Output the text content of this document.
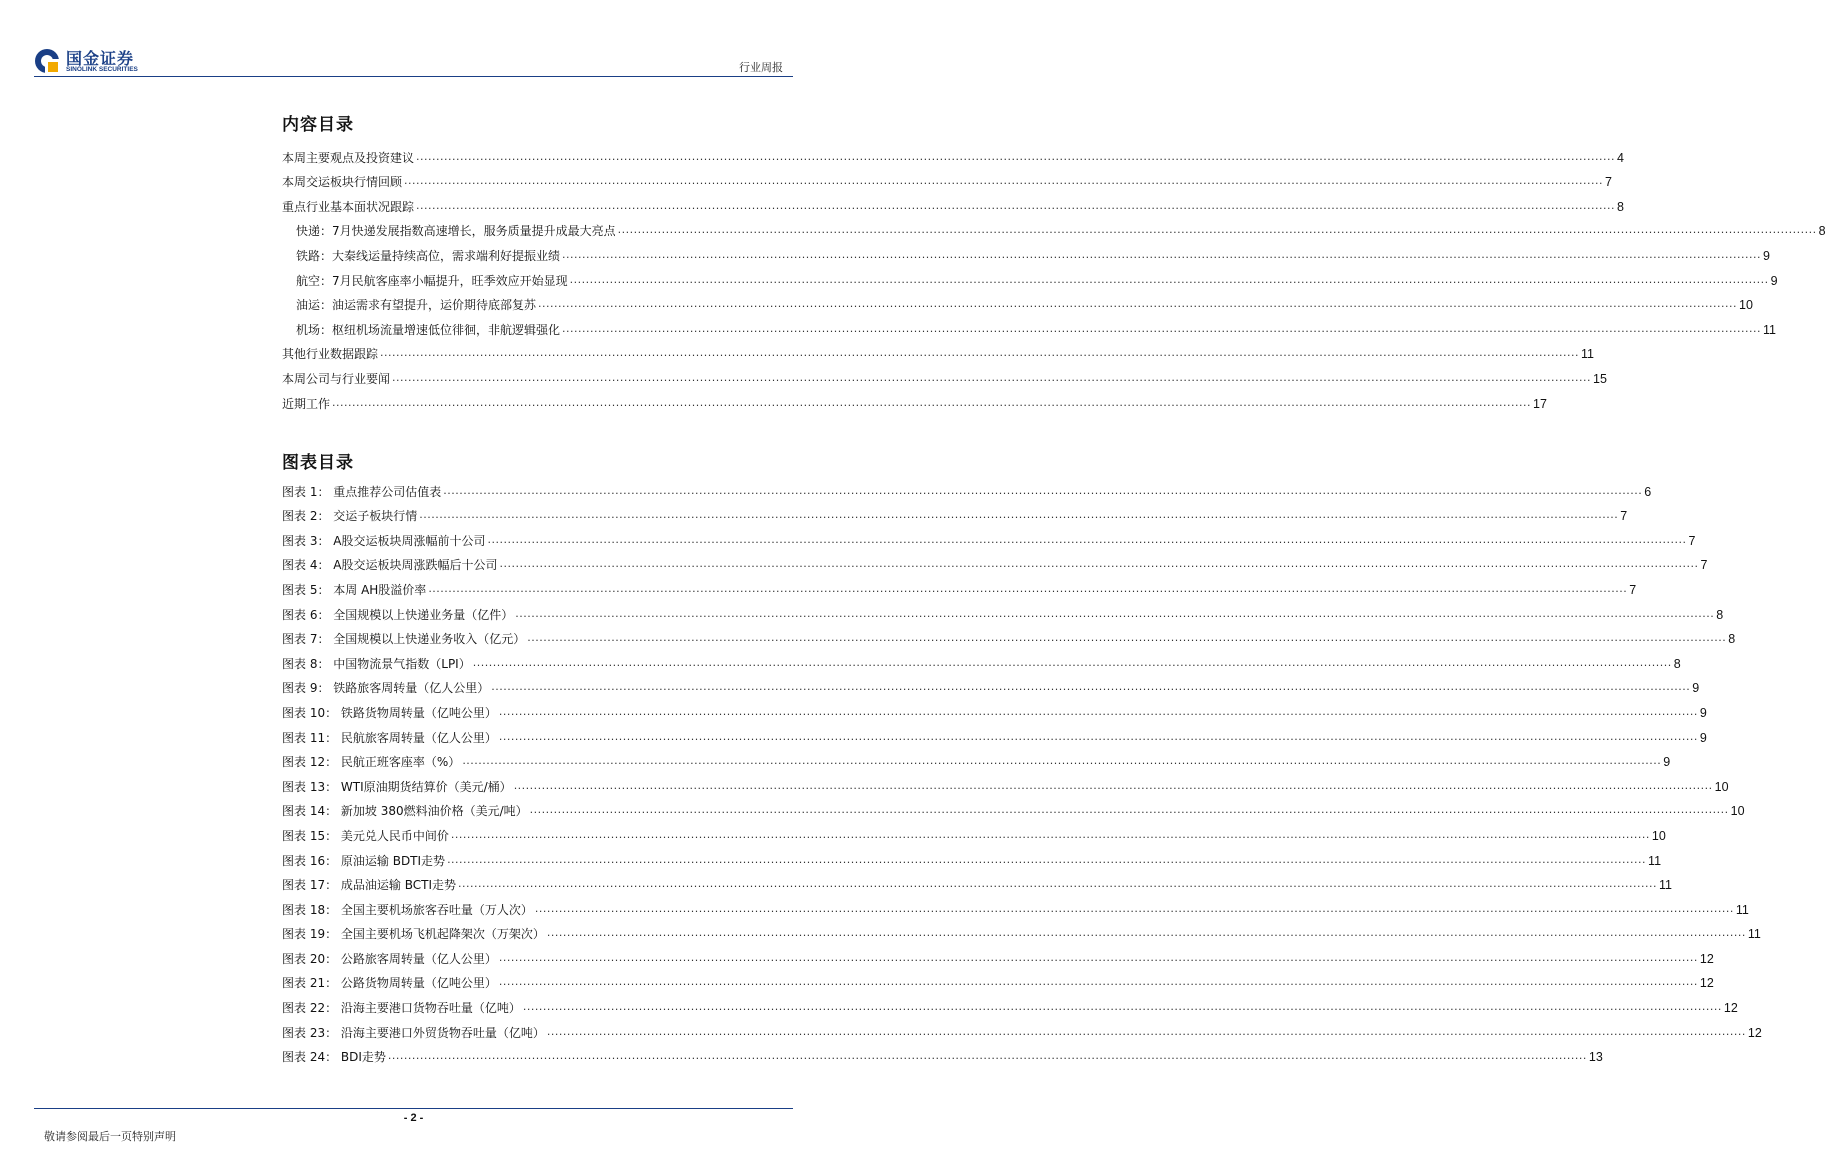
国金证券
SINOLINK SECURITIES	行业周报
内容目录
本周主要观点及投资建议 ............................................................................................................................................................................................................................................................................................................ 4
本周交运板块行情回顾 ............................................................................................................................................................................................................................................................................................................ 7
重点行业基本面状况跟踪 ............................................................................................................................................................................................................................................................................................................ 8
快递：7月快递发展指数高速增长，服务质量提升成最大亮点 ............................................................................................................................................................................................................................................................................................................ 8
铁路：大秦线运量持续高位，需求端利好提振业绩 ............................................................................................................................................................................................................................................................................................................ 9
航空：7月民航客座率小幅提升，旺季效应开始显现 ............................................................................................................................................................................................................................................................................................................ 9
油运：油运需求有望提升，运价期待底部复苏 ............................................................................................................................................................................................................................................................................................................ 10
机场：枢纽机场流量增速低位徘徊，非航逻辑强化 ............................................................................................................................................................................................................................................................................................................ 11
其他行业数据跟踪 ............................................................................................................................................................................................................................................................................................................ 11
本周公司与行业要闻 ............................................................................................................................................................................................................................................................................................................ 15
近期工作 ............................................................................................................................................................................................................................................................................................................ 17
图表目录
图表 1： 重点推荐公司估值表 ............................................................................................................................................................................................................................................................................................................ 6
图表 2： 交运子板块行情 ............................................................................................................................................................................................................................................................................................................ 7
图表 3： A股交运板块周涨幅前十公司 ............................................................................................................................................................................................................................................................................................................ 7
图表 4： A股交运板块周涨跌幅后十公司 ............................................................................................................................................................................................................................................................................................................ 7
图表 5： 本周 AH股溢价率 ............................................................................................................................................................................................................................................................................................................ 7
图表 6： 全国规模以上快递业务量（亿件） ............................................................................................................................................................................................................................................................................................................ 8
图表 7： 全国规模以上快递业务收入（亿元） ............................................................................................................................................................................................................................................................................................................ 8
图表 8： 中国物流景气指数（LPI） ............................................................................................................................................................................................................................................................................................................ 8
图表 9： 铁路旅客周转量（亿人公里） ............................................................................................................................................................................................................................................................................................................ 9
图表 10： 铁路货物周转量（亿吨公里） ............................................................................................................................................................................................................................................................................................................ 9
图表 11： 民航旅客周转量（亿人公里） ............................................................................................................................................................................................................................................................................................................ 9
图表 12： 民航正班客座率（%） ............................................................................................................................................................................................................................................................................................................ 9
图表 13： WTI原油期货结算价（美元/桶） ............................................................................................................................................................................................................................................................................................................ 10
图表 14： 新加坡 380燃料油价格（美元/吨） ............................................................................................................................................................................................................................................................................................................ 10
图表 15： 美元兑人民币中间价 ............................................................................................................................................................................................................................................................................................................ 10
图表 16： 原油运输 BDTI走势 ............................................................................................................................................................................................................................................................................................................ 11
图表 17： 成品油运输 BCTI走势 ............................................................................................................................................................................................................................................................................................................ 11
图表 18： 全国主要机场旅客吞吐量（万人次） ............................................................................................................................................................................................................................................................................................................ 11
图表 19： 全国主要机场飞机起降架次（万架次） ............................................................................................................................................................................................................................................................................................................ 11
图表 20： 公路旅客周转量（亿人公里） ............................................................................................................................................................................................................................................................................................................ 12
图表 21： 公路货物周转量（亿吨公里） ............................................................................................................................................................................................................................................................................................................ 12
图表 22： 沿海主要港口货物吞吐量（亿吨） ............................................................................................................................................................................................................................................................................................................ 12
图表 23： 沿海主要港口外贸货物吞吐量（亿吨） ............................................................................................................................................................................................................................................................................................................ 12
图表 24： BDI走势 ............................................................................................................................................................................................................................................................................................................ 13
- 2 -
敬请参阅最后一页特别声明
